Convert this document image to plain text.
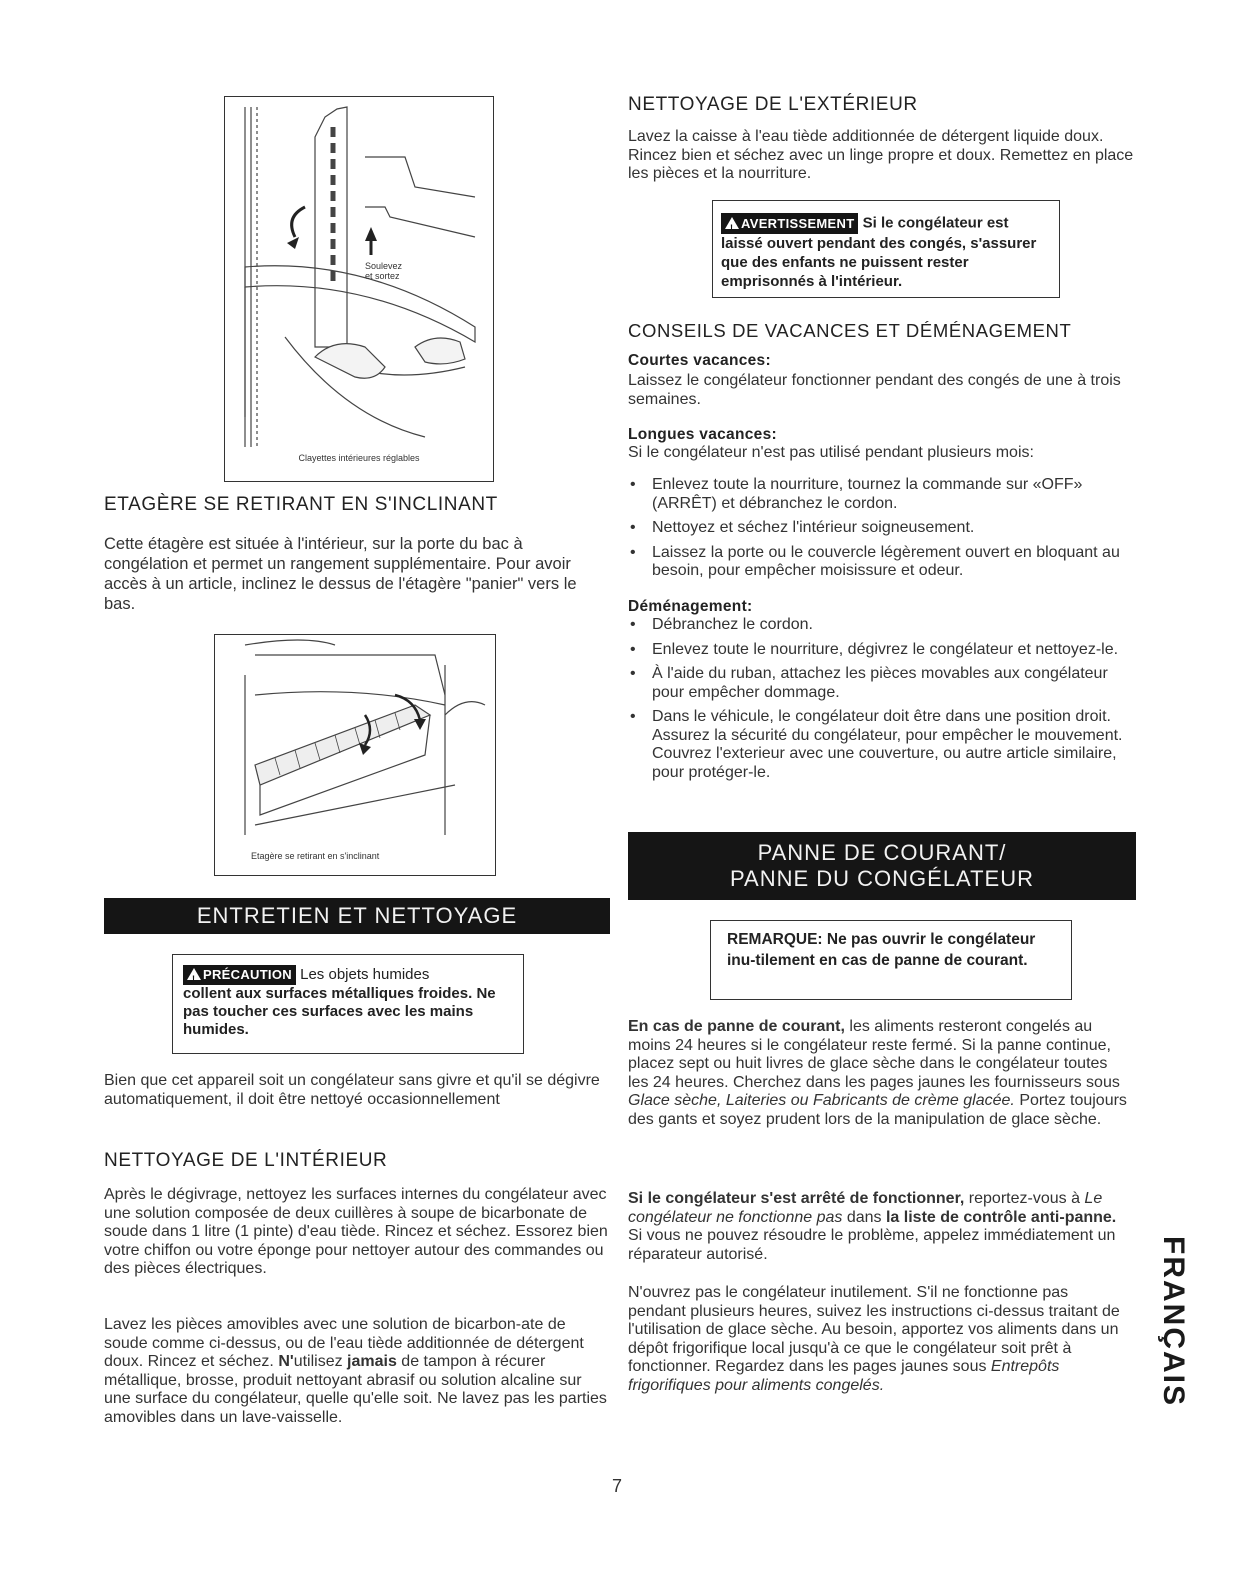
Soulevez
et sortez
Clayettes intérieures réglables
ETAGÈRE SE RETIRANT EN S'INCLINANT

Cette étagère est située à l'intérieur, sur la porte du bac à congélation et permet un rangement supplémentaire. Pour avoir accès à un article, inclinez le dessus de l'étagère "panier" vers le bas.

Etagère se retirant en s'inclinant
ENTRETIEN ET NETTOYAGE
! PRÉCAUTION Les objets humides
collent aux surfaces métalliques froides. Ne pas toucher ces surfaces avec les mains humides.

Bien que cet appareil soit un congélateur sans givre et qu'il se dégivre automatiquement, il doit être nettoyé occasionnellement

NETTOYAGE DE L'INTÉRIEUR

Après le dégivrage, nettoyez les surfaces internes du congélateur avec une solution composée de deux cuillères à soupe de bicarbonate de soude dans 1 litre (1 pinte) d'eau tiède. Rincez et séchez. Essorez bien votre chiffon ou votre éponge pour nettoyer autour des commandes ou des pièces électriques.

Lavez les pièces amovibles avec une solution de bicarbon-ate de soude comme ci-dessus, ou de l'eau tiède additionnée de détergent doux. Rincez et séchez. N'utilisez jamais de tampon à récurer métallique, brosse, produit nettoyant abrasif ou solution alcaline sur une surface du congélateur, quelle qu'elle soit. Ne lavez pas les parties amovibles dans un lave-vaisselle.
NETTOYAGE DE L'EXTÉRIEUR

Lavez la caisse à l'eau tiède additionnée de détergent liquide doux. Rincez bien et séchez avec un linge propre et doux. Remettez en place les pièces et la nourriture.

! AVERTISSEMENT Si le congélateur est
laissé ouvert pendant des congés, s'assurer que des enfants ne puissent rester emprisonnés à l'intérieur.
CONSEILS DE VACANCES ET DÉMÉNAGEMENT
Courtes vacances:

Laissez le congélateur fonctionner pendant des congés de une à trois semaines.

Longues vacances:

Si le congélateur n'est pas utilisé pendant plusieurs mois:

• Enlevez toute la nourriture, tournez la commande sur «OFF» (ARRÊT) et débranchez le cordon.
• Nettoyez et séchez l'intérieur soigneusement.
• Laissez la porte ou le couvercle légèrement ouvert en bloquant au besoin, pour empêcher moisissure et odeur.
Déménagement:
• Débranchez le cordon.
• Enlevez toute le nourriture, dégivrez le congélateur et nettoyez-le.
• À l'aide du ruban, attachez les pièces movables aux congélateur pour empêcher dommage.
• Dans le véhicule, le congélateur doit être dans une position droit. Assurez la sécurité du congélateur, pour empêcher le mouvement. Couvrez l'exterieur avec une couverture, ou autre article similaire, pour protéger-le.
PANNE DE COURANT/
PANNE DU CONGÉLATEUR
REMARQUE: Ne pas ouvrir le congélateur inu-tilement en cas de panne de courant.
En cas de panne de courant, les aliments resteront congelés au moins 24 heures si le congélateur reste fermé. Si la panne continue, placez sept ou huit livres de glace sèche dans le congélateur toutes les 24 heures. Cherchez dans les pages jaunes les fournisseurs sous Glace sèche, Laiteries ou Fabricants de crème glacée. Portez toujours des gants et soyez prudent lors de la manipulation de glace sèche.
Si le congélateur s'est arrêté de fonctionner, reportez-vous à Le congélateur ne fonctionne pas dans la liste de contrôle anti-panne. Si vous ne pouvez résoudre le problème, appelez immédiatement un réparateur autorisé.
N'ouvrez pas le congélateur inutilement. S'il ne fonctionne pas pendant plusieurs heures, suivez les instructions ci-dessus traitant de l'utilisation de glace sèche. Au besoin, apportez vos aliments dans un dépôt frigorifique local jusqu'à ce que le congélateur soit prêt à fonctionner. Regardez dans les pages jaunes sous Entrepôts frigorifiques pour aliments congelés.	FRANÇAIS
7
